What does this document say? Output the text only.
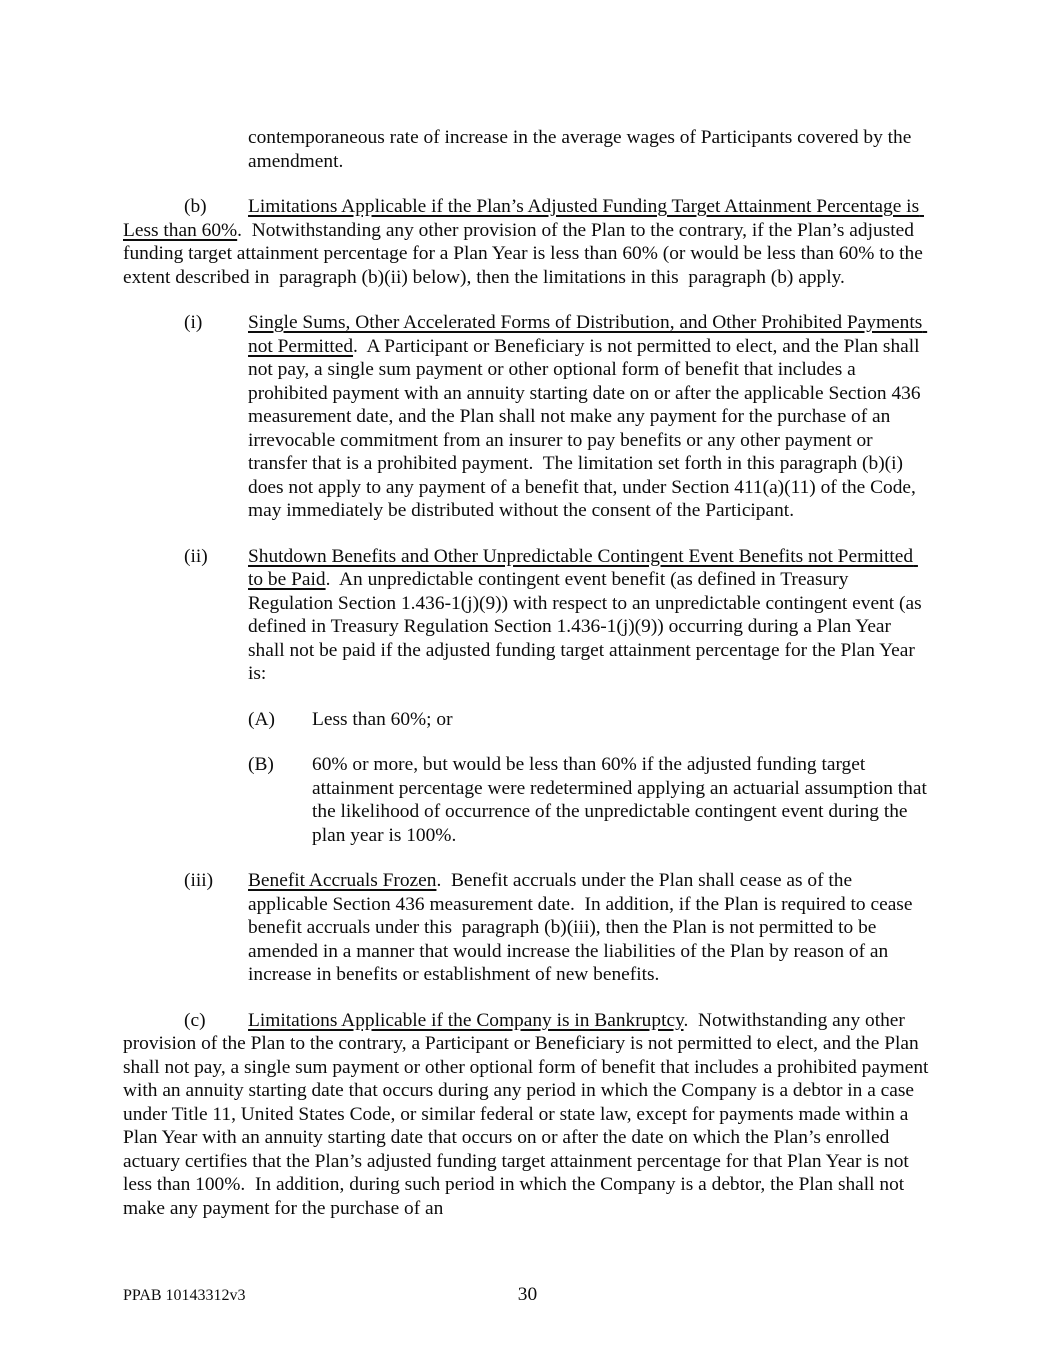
contemporaneous rate of increase in the average wages of Participants covered by the amendment.

(b) Limitations Applicable if the Plan’s Adjusted Funding Target Attainment Percentage is Less than 60%.  Notwithstanding any other provision of the Plan to the contrary, if the Plan’s adjusted funding target attainment percentage for a Plan Year is less than 60% (or would be less than 60% to the extent described in  paragraph (b)(ii) below), then the limitations in this  paragraph (b) apply.

(i) Single Sums, Other Accelerated Forms of Distribution, and Other Prohibited Payments not Permitted.  A Participant or Beneficiary is not permitted to elect, and the Plan shall not pay, a single sum payment or other optional form of benefit that includes a prohibited payment with an annuity starting date on or after the applicable Section 436 measurement date, and the Plan shall not make any payment for the purchase of an irrevocable commitment from an insurer to pay benefits or any other payment or transfer that is a prohibited payment.  The limitation set forth in this paragraph (b)(i) does not apply to any payment of a benefit that, under Section 411(a)(11) of the Code, may immediately be distributed without the consent of the Participant.
(ii) Shutdown Benefits and Other Unpredictable Contingent Event Benefits not Permitted to be Paid.  An unpredictable contingent event benefit (as defined in Treasury Regulation Section 1.436-1(j)(9)) with respect to an unpredictable contingent event (as defined in Treasury Regulation Section 1.436-1(j)(9)) occurring during a Plan Year shall not be paid if the adjusted funding target attainment percentage for the Plan Year is:
(A) Less than 60%; or
(B) 60% or more, but would be less than 60% if the adjusted funding target attainment percentage were redetermined applying an actuarial assumption that the likelihood of occurrence of the unpredictable contingent event during the plan year is 100%.
(iii) Benefit Accruals Frozen.  Benefit accruals under the Plan shall cease as of the applicable Section 436 measurement date.  In addition, if the Plan is required to cease benefit accruals under this  paragraph (b)(iii), then the Plan is not permitted to be amended in a manner that would increase the liabilities of the Plan by reason of an increase in benefits or establishment of new benefits.

(c) Limitations Applicable if the Company is in Bankruptcy.  Notwithstanding any other provision of the Plan to the contrary, a Participant or Beneficiary is not permitted to elect, and the Plan shall not pay, a single sum payment or other optional form of benefit that includes a prohibited payment with an annuity starting date that occurs during any period in which the Company is a debtor in a case under Title 11, United States Code, or similar federal or state law, except for payments made within a Plan Year with an annuity starting date that occurs on or after the date on which the Plan’s enrolled actuary certifies that the Plan’s adjusted funding target attainment percentage for that Plan Year is not less than 100%.  In addition, during such period in which the Company is a debtor, the Plan shall not make any payment for the purchase of an

PPAB 10143312v3	30
